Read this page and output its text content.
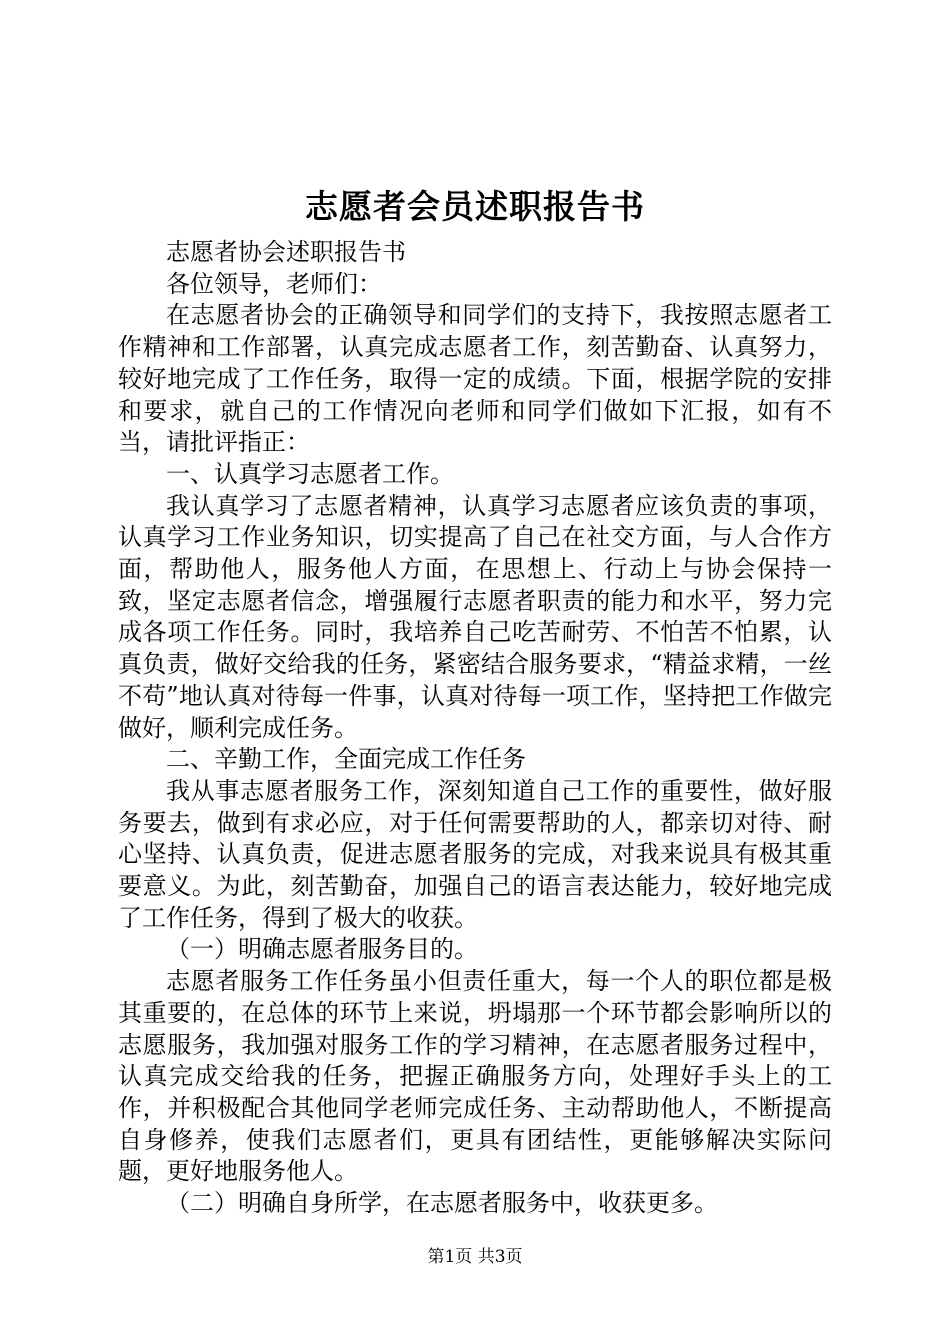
志愿者会员述职报告书

志愿者协会述职报告书

各位领导，老师们：

在志愿者协会的正确领导和同学们的支持下，我按照志愿者工作精神和工作部署，认真完成志愿者工作，刻苦勤奋、认真努力，较好地完成了工作任务，取得一定的成绩。下面，根据学院的安排和要求，就自己的工作情况向老师和同学们做如下汇报，如有不当，请批评指正：

一、认真学习志愿者工作。

我认真学习了志愿者精神，认真学习志愿者应该负责的事项，认真学习工作业务知识，切实提高了自己在社交方面，与人合作方面，帮助他人，服务他人方面，在思想上、行动上与协会保持一致，坚定志愿者信念，增强履行志愿者职责的能力和水平，努力完成各项工作任务。同时，我培养自己吃苦耐劳、不怕苦不怕累，认真负责，做好交给我的任务，紧密结合服务要求，“精益求精，一丝不苟”地认真对待每一件事，认真对待每一项工作，坚持把工作做完做好，顺利完成任务。

二、辛勤工作，全面完成工作任务

我从事志愿者服务工作，深刻知道自己工作的重要性，做好服务要去，做到有求必应，对于任何需要帮助的人，都亲切对待、耐心坚持、认真负责，促进志愿者服务的完成，对我来说具有极其重要意义。为此，刻苦勤奋，加强自己的语言表达能力，较好地完成了工作任务，得到了极大的收获。

（一）明确志愿者服务目的。

志愿者服务工作任务虽小但责任重大，每一个人的职位都是极其重要的，在总体的环节上来说，坍塌那一个环节都会影响所以的志愿服务，我加强对服务工作的学习精神，在志愿者服务过程中，认真完成交给我的任务，把握正确服务方向，处理好手头上的工作，并积极配合其他同学老师完成任务、主动帮助他人，不断提高自身修养，使我们志愿者们，更具有团结性，更能够解决实际问题，更好地服务他人。

（二）明确自身所学，在志愿者服务中，收获更多。

第1页 共3页
